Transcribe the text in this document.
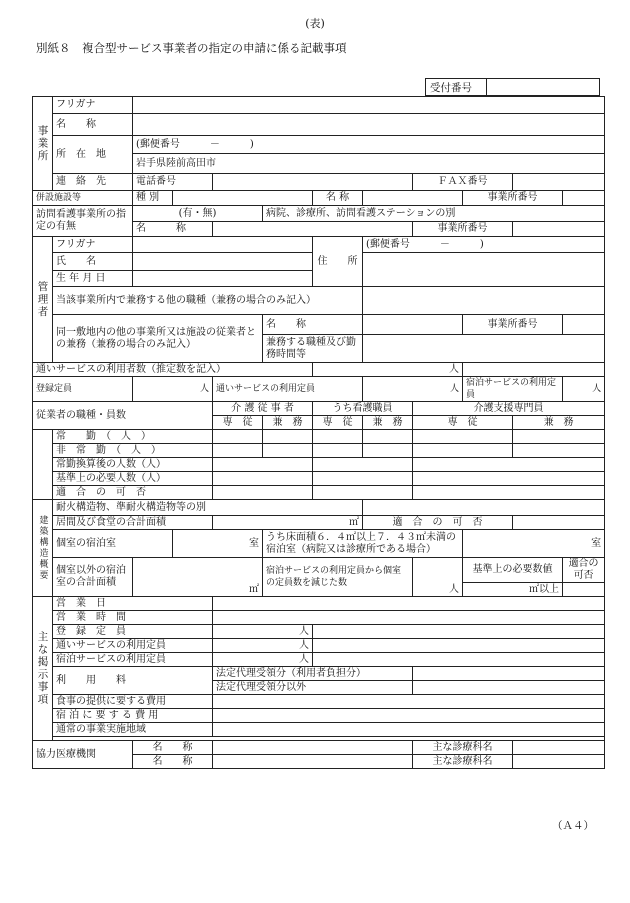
(表)
別紙８　複合型サービス事業者の指定の申請に係る記載事項
受付番号	
事業所	フリガナ										
	名　　称										
	所　在　地	(郵便番号　　　－　　　)									
		岩手県陸前高田市									
	連　絡　先	電話番号						ＦＡＸ番号			
併設施設等		種 別				名 称			事業所番号		
訪問看護事業所の指定の有無		(有・無)			病院、診療所、訪問看護ステーションの別						
		名　　　称						事業所番号			
管理者	フリガナ					住　　所	(郵便番号　　　－　　　)				
	氏　　名										
	生 年 月 日										
	当該事業所内で兼務する他の職種（兼務の場合のみ記入）										
	同一敷地内の他の事業所又は施設の従業者との兼務（兼務の場合のみ記入）				名　　称				事業所番号		
					兼務する職種及び勤務時間等						

通いサービスの利用者数（推定数を記入）						人					
登録定員		人		通いサービスの利用定員			人		宿泊サービスの利用定員		人
従業者の職種・員数				介 護 従 事 者		うち看護職員		介護支援専門員			
				専　従	兼　務	専　従	兼　務	専　従		兼　務	
	常　　勤　（　人　）										
	非　常　勤　（　人　）										
	常勤換算後の人数（人）										
	基準上の必要人数（人）										
	適　合　の　可　否										
建築構造概要	耐火構造物、準耐火構造物等の別										
	居間及び食堂の合計面積			㎡			適　合　の　可　否				
	個室の宿泊室		室		うち床面積６．４㎡以上７．４３㎡未満の宿泊室（病院又は診療所である場合）				室		
	個室以外の宿泊室の合計面積	㎡			宿泊サービスの利用定員から個室の定員数を減じた数			人	基準上の必要数値		適合の可否
									㎡以上		
主な掲示事項	営　業　日										
	営　業　時　間										
	登　録　定　員			人							
	通いサービスの利用定員			人							
	宿泊サービスの利用定員			人							
	利　　用　　料			法定代理受領分（利用者負担分）							
				法定代理受領分以外							
	食事の提供に要する費用										
	宿 泊 に 要 す る 費 用										
	通常の事業実施地域										

協力医療機関		名　　称						主な診療科名			
		名　　称						主な診療科名			
（Ａ４）
